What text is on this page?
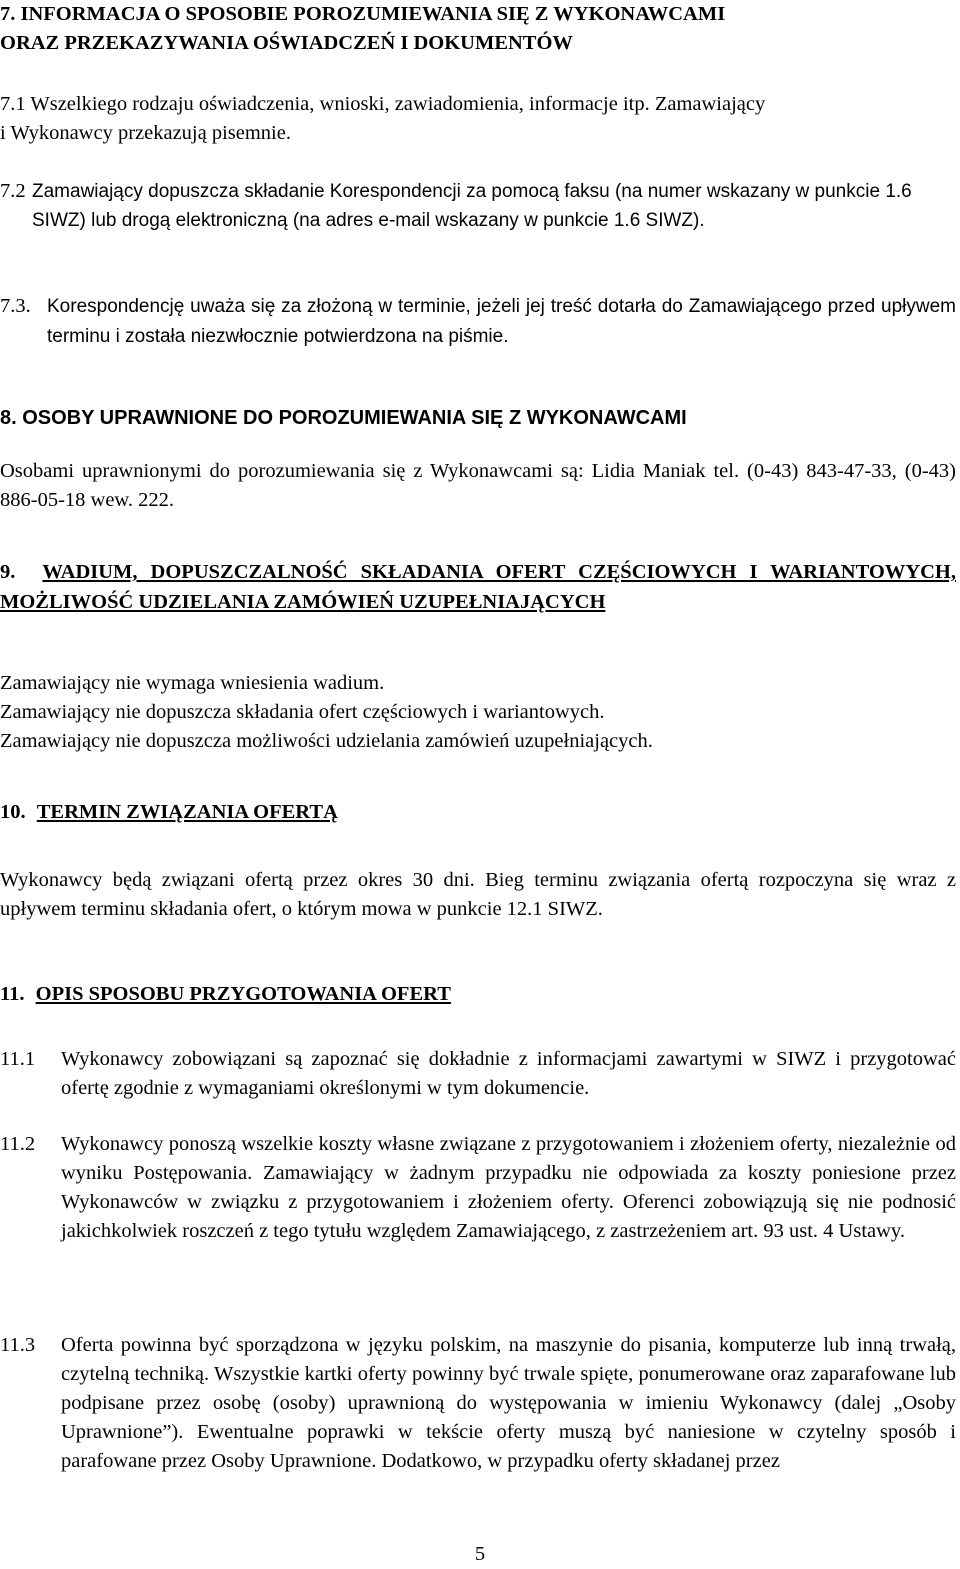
7. INFORMACJA O SPOSOBIE POROZUMIEWANIA SIĘ Z WYKONAWCAMI
ORAZ PRZEKAZYWANIA OŚWIADCZEŃ I DOKUMENTÓW
7.1 Wszelkiego rodzaju oświadczenia, wnioski, zawiadomienia, informacje itp. Zamawiający
i Wykonawcy przekazują pisemnie.
7.2 Zamawiający dopuszcza składanie Korespondencji za pomocą faksu (na numer wskazany w punkcie 1.6 SIWZ) lub drogą elektroniczną (na adres e-mail wskazany w punkcie 1.6 SIWZ).
7.3. Korespondencję uważa się za złożoną w terminie, jeżeli jej treść dotarła do Zamawiającego przed upływem terminu i została niezwłocznie potwierdzona na piśmie.
8. OSOBY UPRAWNIONE DO POROZUMIEWANIA SIĘ Z WYKONAWCAMI
Osobami uprawnionymi do porozumiewania się z Wykonawcami są: Lidia Maniak tel. (0-43) 843-47-33, (0-43) 886-05-18 wew. 222.
9. WADIUM, DOPUSZCZALNOŚĆ SKŁADANIA OFERT CZĘŚCIOWYCH I WARIANTOWYCH, MOŻLIWOŚĆ UDZIELANIA ZAMÓWIEŃ UZUPEŁNIAJĄCYCH
Zamawiający nie wymaga wniesienia wadium.
Zamawiający nie dopuszcza składania ofert częściowych i wariantowych.
Zamawiający nie dopuszcza możliwości udzielania zamówień uzupełniających.
10. TERMIN ZWIĄZANIA OFERTĄ
Wykonawcy będą związani ofertą przez okres 30 dni. Bieg terminu związania ofertą rozpoczyna się wraz z upływem terminu składania ofert, o którym mowa w punkcie 12.1 SIWZ.
11. OPIS SPOSOBU PRZYGOTOWANIA OFERT
11.1 Wykonawcy zobowiązani są zapoznać się dokładnie z informacjami zawartymi w SIWZ i przygotować ofertę zgodnie z wymaganiami określonymi w tym dokumencie.
11.2 Wykonawcy ponoszą wszelkie koszty własne związane z przygotowaniem i złożeniem oferty, niezależnie od wyniku Postępowania. Zamawiający w żadnym przypadku nie odpowiada za koszty poniesione przez Wykonawców w związku z przygotowaniem i złożeniem oferty. Oferenci zobowiązują się nie podnosić jakichkolwiek roszczeń z tego tytułu względem Zamawiającego, z zastrzeżeniem art. 93 ust. 4 Ustawy.
11.3 Oferta powinna być sporządzona w języku polskim, na maszynie do pisania, komputerze lub inną trwałą, czytelną techniką. Wszystkie kartki oferty powinny być trwale spięte, ponumerowane oraz zaparafowane lub podpisane przez osobę (osoby) uprawnioną do występowania w imieniu Wykonawcy (dalej „Osoby Uprawnione”). Ewentualne poprawki w tekście oferty muszą być naniesione w czytelny sposób i parafowane przez Osoby Uprawnione. Dodatkowo, w przypadku oferty składanej przez
5
